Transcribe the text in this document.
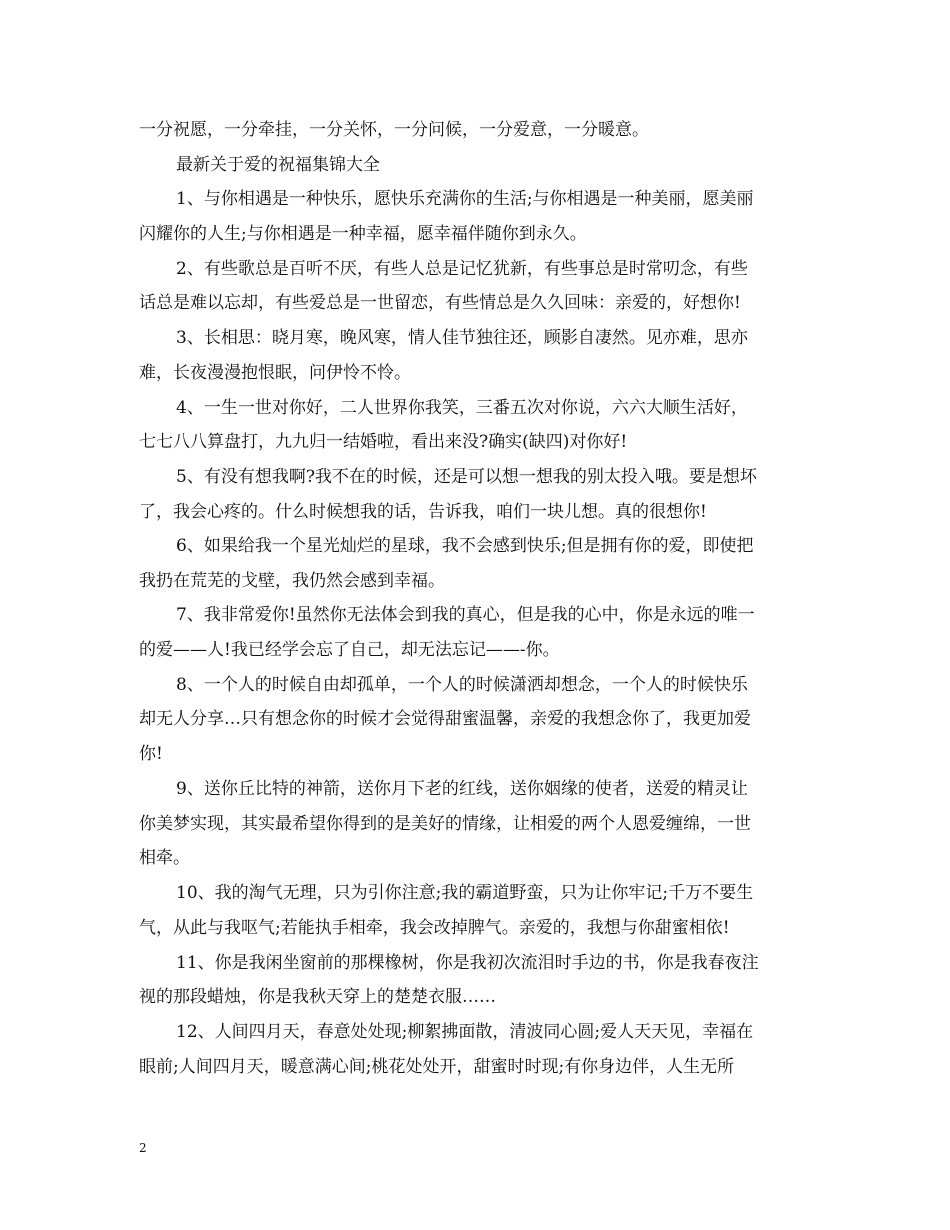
一分祝愿，一分牵挂，一分关怀，一分问候，一分爱意，一分暖意。
最新关于爱的祝福集锦大全
1、与你相遇是一种快乐，愿快乐充满你的生活;与你相遇是一种美丽，愿美丽
闪耀你的人生;与你相遇是一种幸福，愿幸福伴随你到永久。
2、有些歌总是百听不厌，有些人总是记忆犹新，有些事总是时常叨念，有些
话总是难以忘却，有些爱总是一世留恋，有些情总是久久回味：亲爱的，好想你!
3、长相思：晓月寒，晚风寒，情人佳节独往还，顾影自凄然。见亦难，思亦
难，长夜漫漫抱恨眠，问伊怜不怜。
4、一生一世对你好，二人世界你我笑，三番五次对你说，六六大顺生活好，
七七八八算盘打，九九归一结婚啦，看出来没?确实(缺四)对你好!
5、有没有想我啊?我不在的时候，还是可以想一想我的别太投入哦。要是想坏
了，我会心疼的。什么时候想我的话，告诉我，咱们一块儿想。真的很想你!
6、如果给我一个星光灿烂的星球，我不会感到快乐;但是拥有你的爱，即使把
我扔在荒芜的戈壁，我仍然会感到幸福。
7、我非常爱你!虽然你无法体会到我的真心，但是我的心中，你是永远的唯一
的爱——人!我已经学会忘了自己，却无法忘记——-你。
8、一个人的时候自由却孤单，一个人的时候潇洒却想念，一个人的时候快乐
却无人分享…只有想念你的时候才会觉得甜蜜温馨，亲爱的我想念你了，我更加爱
你!
9、送你丘比特的神箭，送你月下老的红线，送你姻缘的使者，送爱的精灵让
你美梦实现，其实最希望你得到的是美好的情缘，让相爱的两个人恩爱缠绵，一世
相牵。
10、我的淘气无理，只为引你注意;我的霸道野蛮，只为让你牢记;千万不要生
气，从此与我呕气;若能执手相牵，我会改掉脾气。亲爱的，我想与你甜蜜相依!
11、你是我闲坐窗前的那棵橡树，你是我初次流泪时手边的书，你是我春夜注
视的那段蜡烛，你是我秋天穿上的楚楚衣服……
12、人间四月天，春意处处现;柳絮拂面散，清波同心圆;爱人天天见，幸福在
眼前;人间四月天，暖意满心间;桃花处处开，甜蜜时时现;有你身边伴，人生无所
2
